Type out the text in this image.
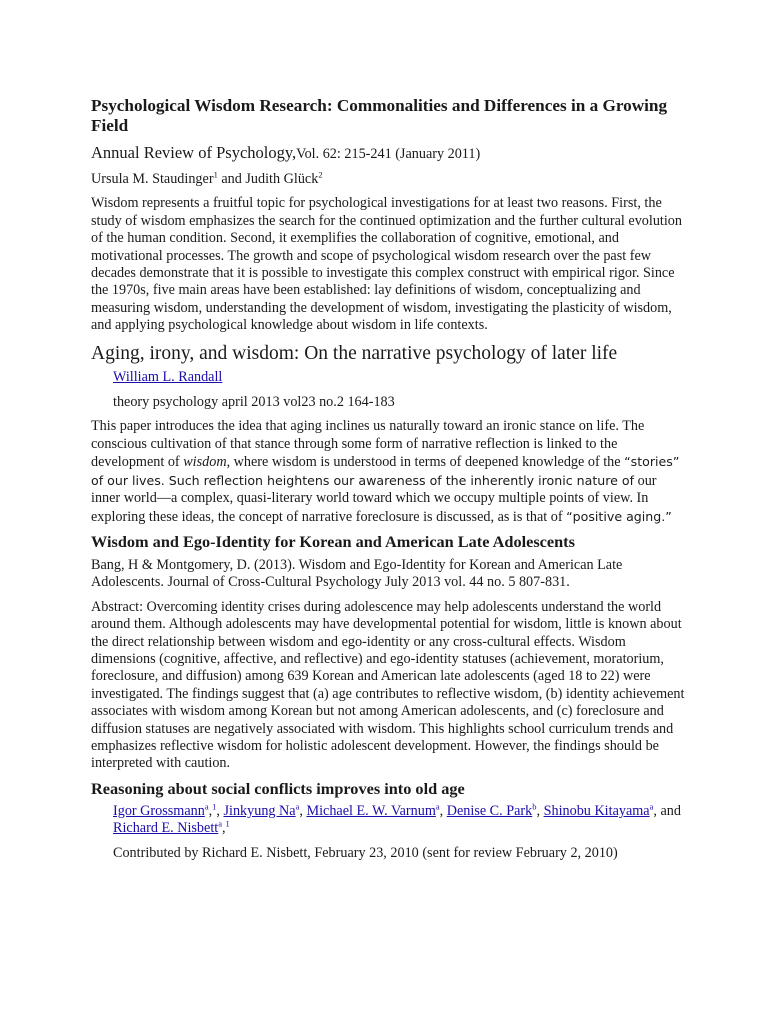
Psychological Wisdom Research: Commonalities and Differences in a Growing Field
Annual Review of Psychology,Vol. 62: 215-241 (January 2011)
Ursula M. Staudinger$^1$ and Judith Glück$^2$

Wisdom represents a fruitful topic for psychological investigations for at least two reasons. First, the study of wisdom emphasizes the search for the continued optimization and the further cultural evolution of the human condition. Second, it exemplifies the collaboration of cognitive, emotional, and motivational processes. The growth and scope of psychological wisdom research over the past few decades demonstrate that it is possible to investigate this complex construct with empirical rigor. Since the 1970s, five main areas have been established: lay definitions of wisdom, conceptualizing and measuring wisdom, understanding the development of wisdom, investigating the plasticity of wisdom, and applying psychological knowledge about wisdom in life contexts.

Aging, irony, and wisdom: On the narrative psychology of later life
William L. Randall
theory psychology april 2013 vol23 no.2 164-183

This paper introduces the idea that aging inclines us naturally toward an ironic stance on life. The conscious cultivation of that stance through some form of narrative reflection is linked to the development of wisdom, where wisdom is understood in terms of deepened knowledge of the “stories” of our lives. Such reflection heightens our awareness of the inherently ironic nature of our inner world—a complex, quasi-literary world toward which we occupy multiple points of view. In exploring these ideas, the concept of narrative foreclosure is discussed, as is that of “positive aging.”

Wisdom and Ego-Identity for Korean and American Late Adolescents

Bang, H & Montgomery, D. (2013). Wisdom and Ego-Identity for Korean and American Late Adolescents. Journal of Cross-Cultural Psychology July 2013 vol. 44 no. 5 807-831.

Abstract: Overcoming identity crises during adolescence may help adolescents understand the world around them. Although adolescents may have developmental potential for wisdom, little is known about the direct relationship between wisdom and ego-identity or any cross-cultural effects. Wisdom dimensions (cognitive, affective, and reflective) and ego-identity statuses (achievement, moratorium, foreclosure, and diffusion) among 639 Korean and American late adolescents (aged 18 to 22) were investigated. The findings suggest that (a) age contributes to reflective wisdom, (b) identity achievement associates with wisdom among Korean but not among American adolescents, and (c) foreclosure and diffusion statuses are negatively associated with wisdom. This highlights school curriculum trends and emphasizes reflective wisdom for holistic adolescent development. However, the findings should be interpreted with caution.

Reasoning about social conflicts improves into old age
Igor Grossmann$^a$,$^1$, Jinkyung Na$^a$, Michael E. W. Varnum$^a$, Denise C. Park$^b$, Shinobu Kitayama$^a$, and Richard E. Nisbett$^a$,$^1$
Contributed by Richard E. Nisbett, February 23, 2010 (sent for review February 2, 2010)
